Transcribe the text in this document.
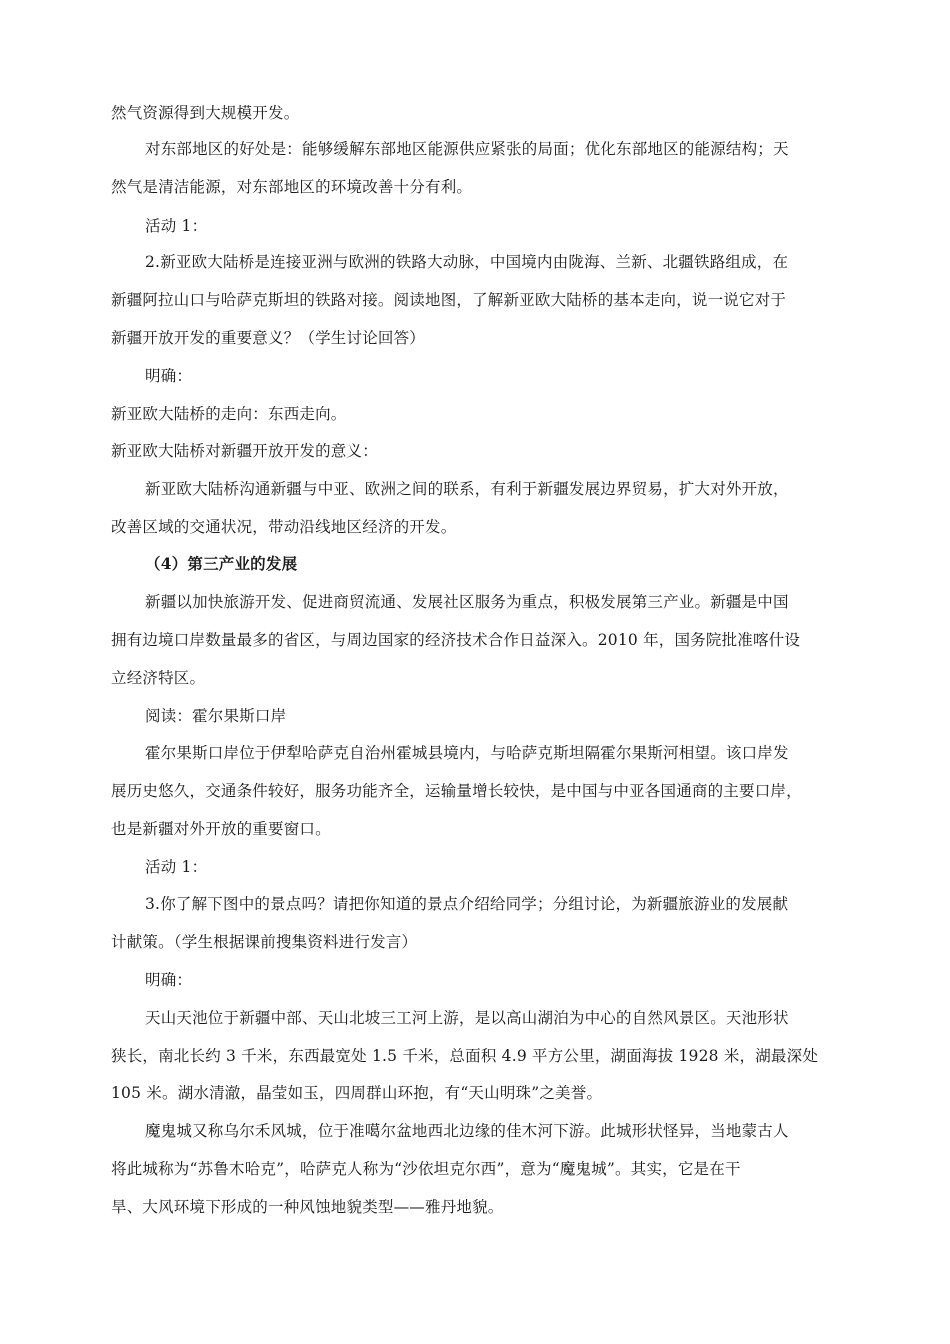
然气资源得到大规模开发。
对东部地区的好处是：能够缓解东部地区能源供应紧张的局面；优化东部地区的能源结构；天
然气是清洁能源，对东部地区的环境改善十分有利。
活动 1：
2.新亚欧大陆桥是连接亚洲与欧洲的铁路大动脉，中国境内由陇海、兰新、北疆铁路组成，在
新疆阿拉山口与哈萨克斯坦的铁路对接。阅读地图，了解新亚欧大陆桥的基本走向，说一说它对于
新疆开放开发的重要意义？（学生讨论回答）
明确：
新亚欧大陆桥的走向：东西走向。
新亚欧大陆桥对新疆开放开发的意义：
新亚欧大陆桥沟通新疆与中亚、欧洲之间的联系，有利于新疆发展边界贸易，扩大对外开放，
改善区域的交通状况，带动沿线地区经济的开发。
（4）第三产业的发展
新疆以加快旅游开发、促进商贸流通、发展社区服务为重点，积极发展第三产业。新疆是中国
拥有边境口岸数量最多的省区，与周边国家的经济技术合作日益深入。2010 年，国务院批准喀什设
立经济特区。
阅读：霍尔果斯口岸
霍尔果斯口岸位于伊犁哈萨克自治州霍城县境内，与哈萨克斯坦隔霍尔果斯河相望。该口岸发
展历史悠久，交通条件较好，服务功能齐全，运输量增长较快，是中国与中亚各国通商的主要口岸，
也是新疆对外开放的重要窗口。
活动 1：
3.你了解下图中的景点吗？请把你知道的景点介绍给同学；分组讨论，为新疆旅游业的发展献
计献策。（学生根据课前搜集资料进行发言）
明确：
天山天池位于新疆中部、天山北坡三工河上游，是以高山湖泊为中心的自然风景区。天池形状
狭长，南北长约 3 千米，东西最宽处 1.5 千米，总面积 4.9 平方公里，湖面海拔 1928 米，湖最深处
105 米。湖水清澈，晶莹如玉，四周群山环抱，有“天山明珠”之美誉。
魔鬼城又称乌尔禾风城，位于准噶尔盆地西北边缘的佳木河下游。此城形状怪异，当地蒙古人
将此城称为“苏鲁木哈克”，哈萨克人称为“沙依坦克尔西”，意为“魔鬼城”。其实，它是在干
旱、大风环境下形成的一种风蚀地貌类型——雅丹地貌。
